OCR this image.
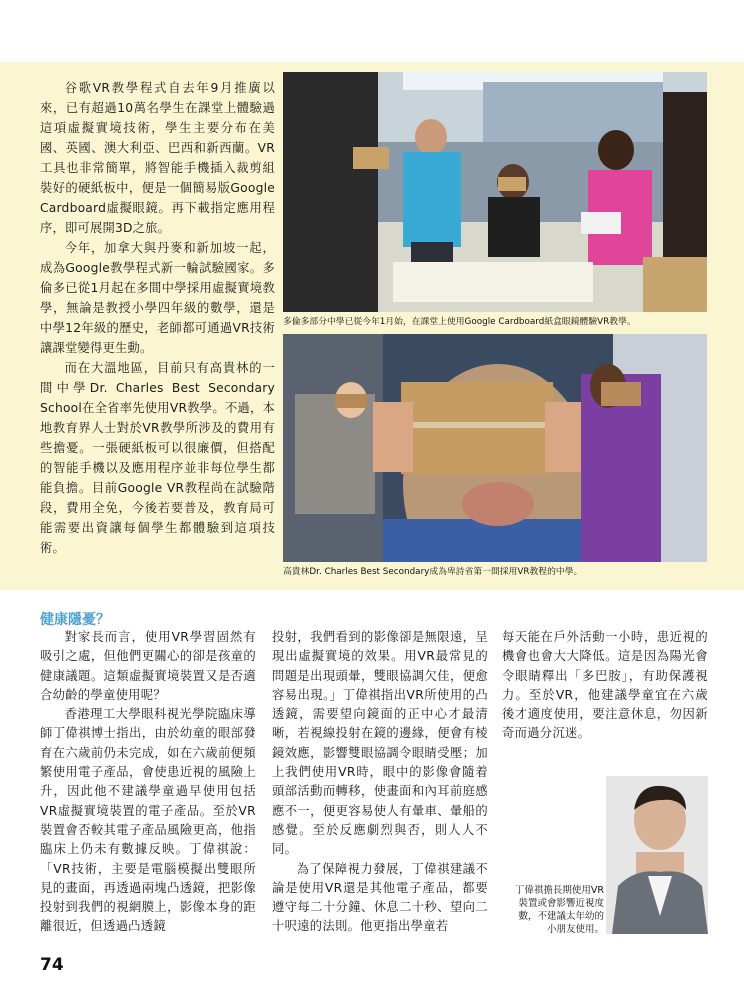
谷歌VR教學程式自去年9月推廣以來，已有超過10萬名學生在課堂上體驗過這項虛擬實境技術，學生主要分布在美國、英國、澳大利亞、巴西和新西蘭。VR工具也非常簡單，將智能手機插入裁剪組裝好的硬紙板中，便是一個簡易版Google Cardboard虛擬眼鏡。再下載指定應用程序，即可展開3D之旅。

今年，加拿大與丹麥和新加坡一起，成為Google教學程式新一輪試驗國家。多倫多已從1月起在多間中學採用虛擬實境教學，無論是教授小學四年級的數學，還是中學12年級的歷史，老師都可通過VR技術讓課堂變得更生動。

而在大溫地區，目前只有高貴林的一間中學Dr. Charles Best Secondary School在全省率先使用VR教學。不過，本地教育界人士對於VR教學所涉及的費用有些擔憂。一張硬紙板可以很廉價，但搭配的智能手機以及應用程序並非每位學生都能負擔。目前Google VR教程尚在試驗階段，費用全免，今後若要普及，教育局可能需要出資讓每個學生都體驗到這項技術。

多倫多部分中學已從今年1月始，在課堂上使用Google Cardboard紙盒眼鏡體驗VR教學。
高貴林Dr. Charles Best Secondary成為卑詩省第一間採用VR教程的中學。
健康隱憂？

對家長而言，使用VR學習固然有吸引之處，但他們更關心的卻是孩童的健康議題。這類虛擬實境裝置又是否適合幼齡的學童使用呢？

香港理工大學眼科視光學院臨床導師丁偉祺博士指出，由於幼童的眼部發育在六歲前仍未完成，如在六歲前便頻繁使用電子產品，會使患近視的風險上升，因此他不建議學童過早使用包括VR虛擬實境裝置的電子產品。至於VR裝置會否較其電子產品風險更高，他指臨床上仍未有數據反映。丁偉祺說：「VR技術，主要是電腦模擬出雙眼所見的畫面，再透過兩塊凸透鏡，把影像投射到我們的視網膜上，影像本身的距離很近，但透過凸透鏡

投射，我們看到的影像卻是無限遠，呈現出虛擬實境的效果。用VR最常見的問題是出現頭暈，雙眼協調欠佳，便愈容易出現。」丁偉祺指出VR所使用的凸透鏡，需要望向鏡面的正中心才最清晰，若視線投射在鏡的邊緣，便會有棱鏡效應，影響雙眼協調令眼睛受壓；加上我們使用VR時，眼中的影像會隨着頭部活動而轉移，使畫面和內耳前庭感應不一，便更容易使人有暈車、暈船的感覺。至於反應劇烈與否，則人人不同。

為了保障視力發展，丁偉祺建議不論是使用VR還是其他電子產品，都要遵守每二十分鐘、休息二十秒、望向二十呎遠的法則。他更指出學童若

每天能在戶外活動一小時，患近視的機會也會大大降低。這是因為陽光會令眼睛釋出「多巴胺」，有助保護視力。至於VR，他建議學童宜在六歲後才適度使用，要注意休息，勿因新奇而過分沉迷。

丁偉祺擔長期使用VR裝置或會影響近視度數，不建議太年幼的小朋友使用。
74
